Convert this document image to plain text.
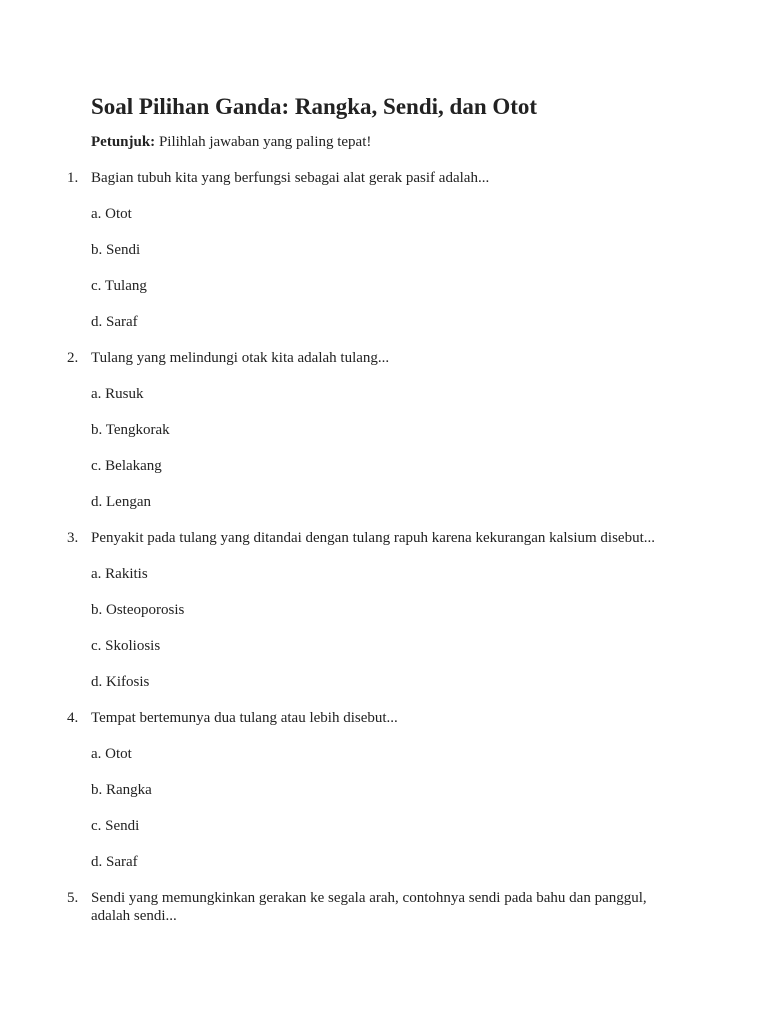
Soal Pilihan Ganda: Rangka, Sendi, dan Otot

Petunjuk: Pilihlah jawaban yang paling tepat!

1. Bagian tubuh kita yang berfungsi sebagai alat gerak pasif adalah...
a. Otot
b. Sendi
c. Tulang
d. Saraf
2. Tulang yang melindungi otak kita adalah tulang...
a. Rusuk
b. Tengkorak
c. Belakang
d. Lengan
3. Penyakit pada tulang yang ditandai dengan tulang rapuh karena kekurangan kalsium disebut...
a. Rakitis
b. Osteoporosis
c. Skoliosis
d. Kifosis
4. Tempat bertemunya dua tulang atau lebih disebut...
a. Otot
b. Rangka
c. Sendi
d. Saraf
5. Sendi yang memungkinkan gerakan ke segala arah, contohnya sendi pada bahu dan panggul, adalah sendi...
